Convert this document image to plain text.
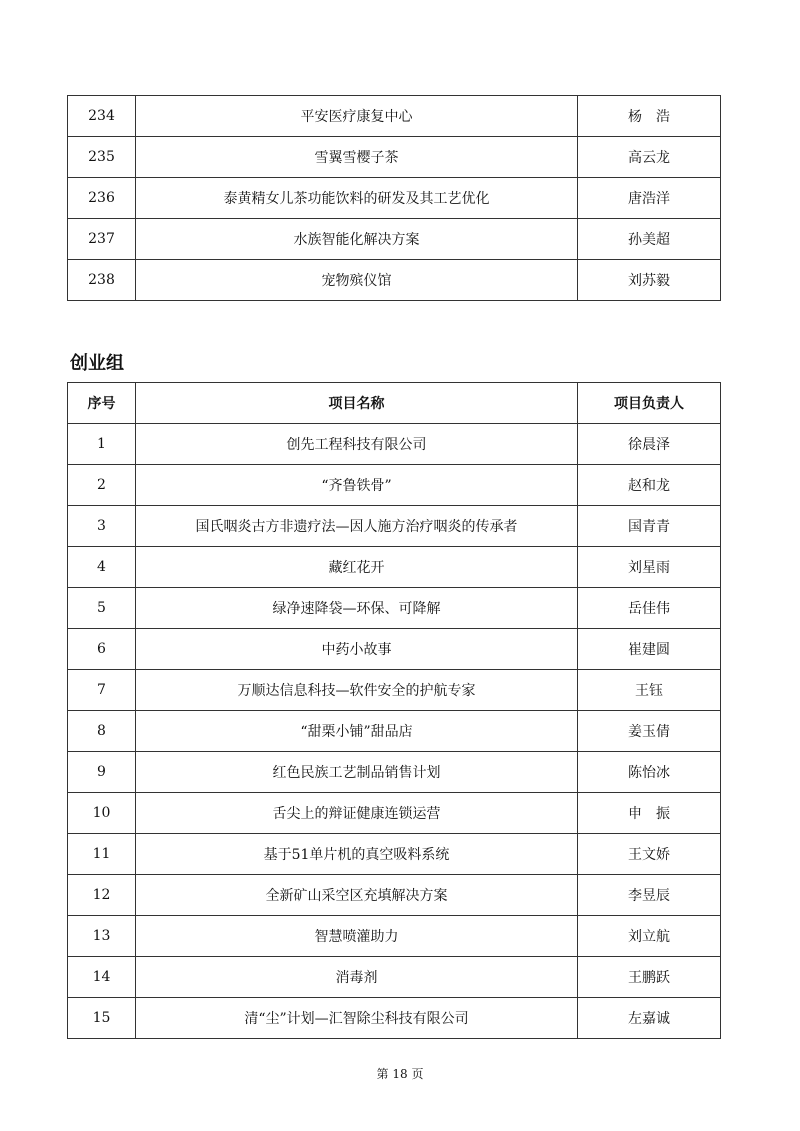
234	平安医疗康复中心	杨　浩
235	雪翼雪樱子茶	高云龙
236	泰黄精女儿茶功能饮料的研发及其工艺优化	唐浩洋
237	水族智能化解决方案	孙美超
238	宠物殡仪馆	刘苏毅
创业组
序号	项目名称	项目负责人
1	创先工程科技有限公司	徐晨泽
2	“齐鲁铁骨”	赵和龙
3	国氏咽炎古方非遗疗法—因人施方治疗咽炎的传承者	国青青
4	藏红花开	刘星雨
5	绿净速降袋—环保、可降解	岳佳伟
6	中药小故事	崔建圆
7	万顺达信息科技—软件安全的护航专家	王钰
8	“甜栗小铺”甜品店	姜玉倩
9	红色民族工艺制品销售计划	陈怡冰
10	舌尖上的辩证健康连锁运营	申　振
11	基于51单片机的真空吸料系统	王文娇
12	全新矿山采空区充填解决方案	李昱辰
13	智慧喷灌助力	刘立航
14	消毒剂	王鹏跃
15	清“尘”计划—汇智除尘科技有限公司	左嘉诚
第 18 页
